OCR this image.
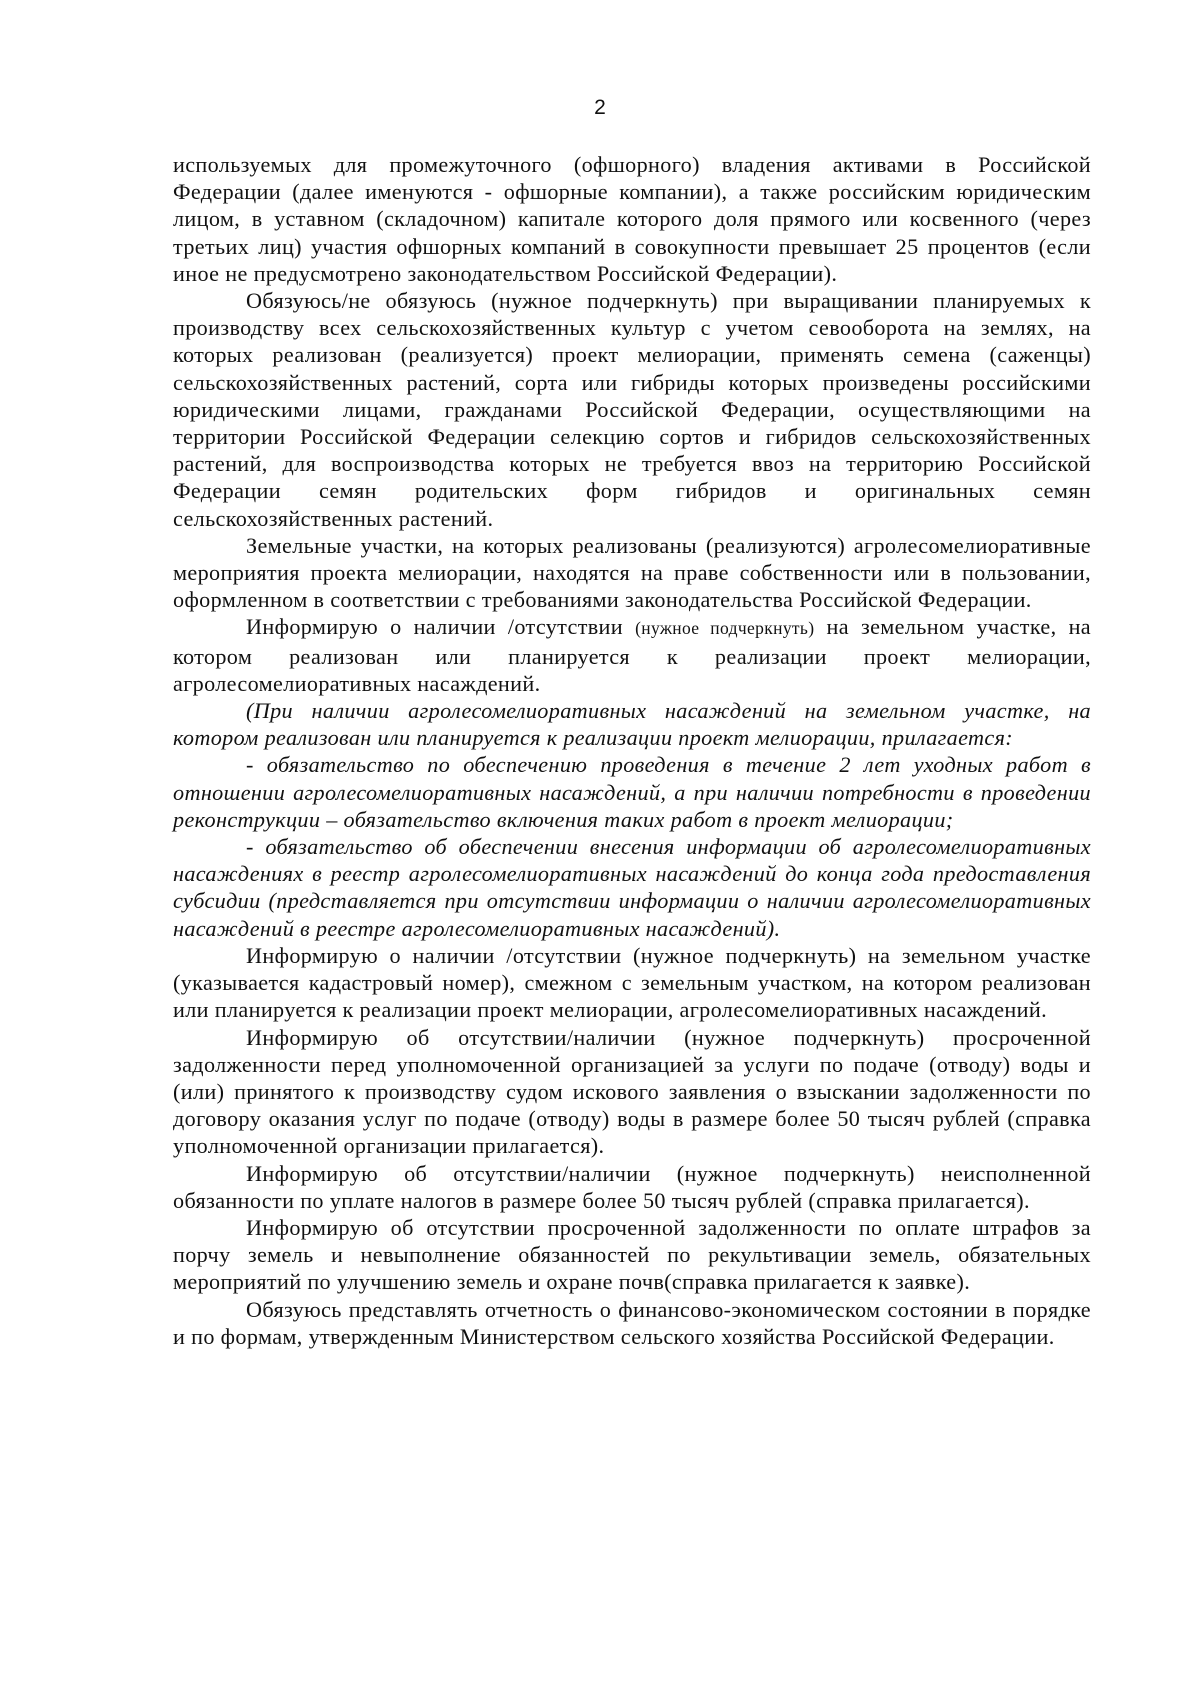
2

используемых для промежуточного (офшорного) владения активами в Российской Федерации (далее именуются - офшорные компании), а также российским юридическим лицом, в уставном (складочном) капитале которого доля прямого или косвенного (через третьих лиц) участия офшорных компаний в совокупности превышает 25 процентов (если иное не предусмотрено законодательством Российской Федерации).

Обязуюсь/не обязуюсь (нужное подчеркнуть) при выращивании планируемых к производству всех сельскохозяйственных культур с учетом севооборота на землях, на которых реализован (реализуется) проект мелиорации, применять семена (саженцы) сельскохозяйственных растений, сорта или гибриды которых произведены российскими юридическими лицами, гражданами Российской Федерации, осуществляющими на территории Российской Федерации селекцию сортов и гибридов сельскохозяйственных растений, для воспроизводства которых не требуется ввоз на территорию Российской Федерации семян родительских форм гибридов и оригинальных семян сельскохозяйственных растений.

Земельные участки, на которых реализованы (реализуются) агролесомелиоративные мероприятия проекта мелиорации, находятся на праве собственности или в пользовании, оформленном в соответствии с требованиями законодательства Российской Федерации.

Информирую о наличии /отсутствии (нужное подчеркнуть) на земельном участке, на котором реализован или планируется к реализации проект мелиорации, агролесомелиоративных насаждений.

(При наличии агролесомелиоративных насаждений на земельном участке, на котором реализован или планируется к реализации проект мелиорации, прилагается:

- обязательство по обеспечению проведения в течение 2 лет уходных работ в отношении агролесомелиоративных насаждений, а при наличии потребности в проведении реконструкции – обязательство включения таких работ в проект мелиорации;

- обязательство об обеспечении внесения информации об агролесомелиоративных насаждениях в реестр агролесомелиоративных насаждений до конца года предоставления субсидии (представляется при отсутствии информации о наличии агролесомелиоративных насаждений в реестре агролесомелиоративных насаждений).

Информирую о наличии /отсутствии (нужное подчеркнуть) на земельном участке (указывается кадастровый номер), смежном с земельным участком, на котором реализован или планируется к реализации проект мелиорации, агролесомелиоративных насаждений.

Информирую об отсутствии/наличии (нужное подчеркнуть) просроченной задолженности перед уполномоченной организацией за услуги по подаче (отводу) воды и (или) принятого к производству судом искового заявления о взыскании задолженности по договору оказания услуг по подаче (отводу) воды в размере более 50 тысяч рублей (справка уполномоченной организации прилагается).

Информирую об отсутствии/наличии (нужное подчеркнуть) неисполненной обязанности по уплате налогов в размере более 50 тысяч рублей (справка прилагается).

Информирую об отсутствии просроченной задолженности по оплате штрафов за порчу земель и невыполнение обязанностей по рекультивации земель, обязательных мероприятий по улучшению земель и охране почв(справка прилагается к заявке).

Обязуюсь представлять отчетность о финансово-экономическом состоянии в порядке и по формам, утвержденным Министерством сельского хозяйства Российской Федерации.
